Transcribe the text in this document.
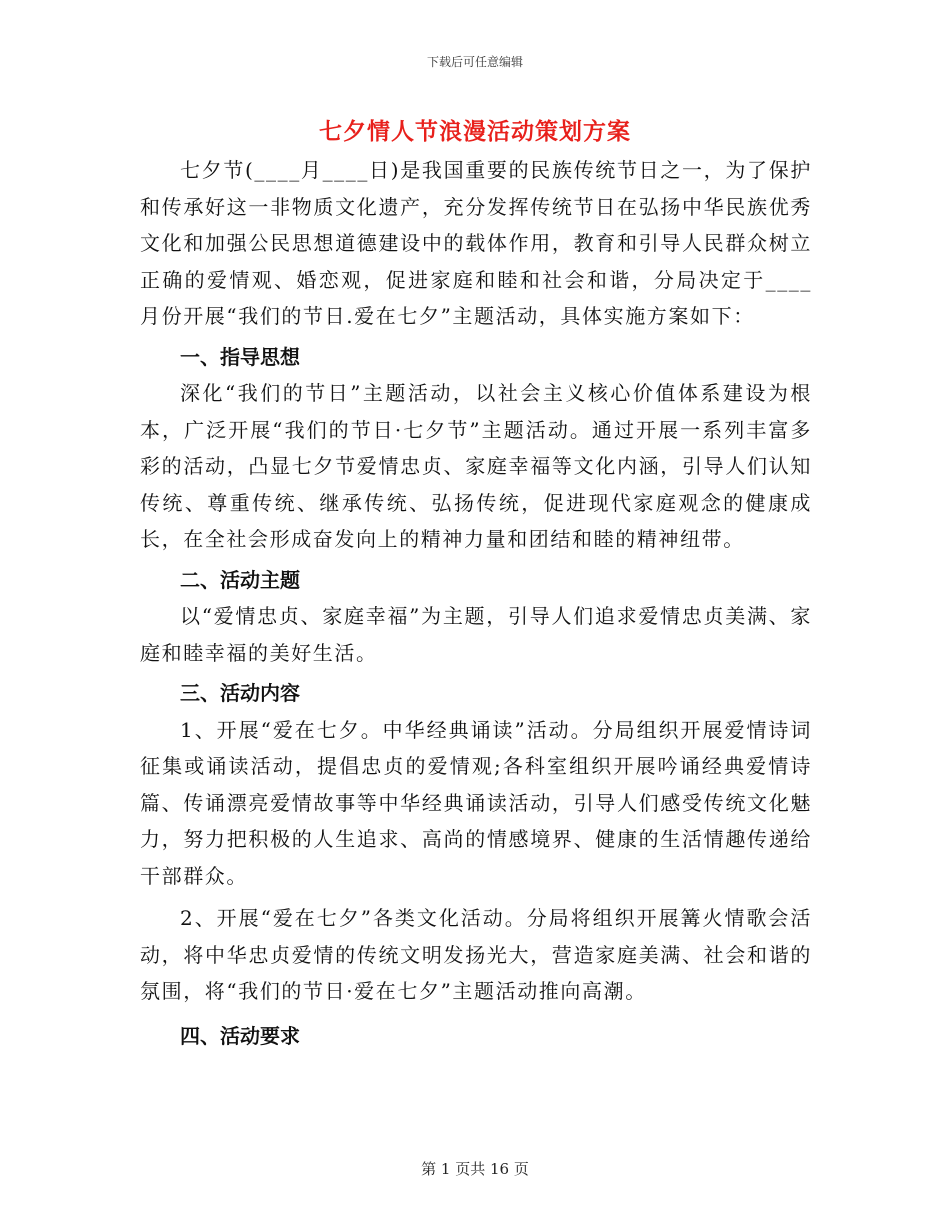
下载后可任意编辑
七夕情人节浪漫活动策划方案

七夕节(____月____日)是我国重要的民族传统节日之一，为了保护和传承好这一非物质文化遗产，充分发挥传统节日在弘扬中华民族优秀文化和加强公民思想道德建设中的载体作用，教育和引导人民群众树立正确的爱情观、婚恋观，促进家庭和睦和社会和谐，分局决定于____月份开展“我们的节日.爱在七夕”主题活动，具体实施方案如下：

一、指导思想

深化“我们的节日”主题活动，以社会主义核心价值体系建设为根本，广泛开展“我们的节日·七夕节”主题活动。通过开展一系列丰富多彩的活动，凸显七夕节爱情忠贞、家庭幸福等文化内涵，引导人们认知传统、尊重传统、继承传统、弘扬传统，促进现代家庭观念的健康成长，在全社会形成奋发向上的精神力量和团结和睦的精神纽带。

二、活动主题

以“爱情忠贞、家庭幸福”为主题，引导人们追求爱情忠贞美满、家庭和睦幸福的美好生活。

三、活动内容

1、开展“爱在七夕。中华经典诵读”活动。分局组织开展爱情诗词征集或诵读活动，提倡忠贞的爱情观;各科室组织开展吟诵经典爱情诗篇、传诵漂亮爱情故事等中华经典诵读活动，引导人们感受传统文化魅力，努力把积极的人生追求、高尚的情感境界、健康的生活情趣传递给干部群众。

2、开展“爱在七夕”各类文化活动。分局将组织开展篝火情歌会活动，将中华忠贞爱情的传统文明发扬光大，营造家庭美满、社会和谐的氛围，将“我们的节日·爱在七夕”主题活动推向高潮。

四、活动要求
第 1 页共 16 页
